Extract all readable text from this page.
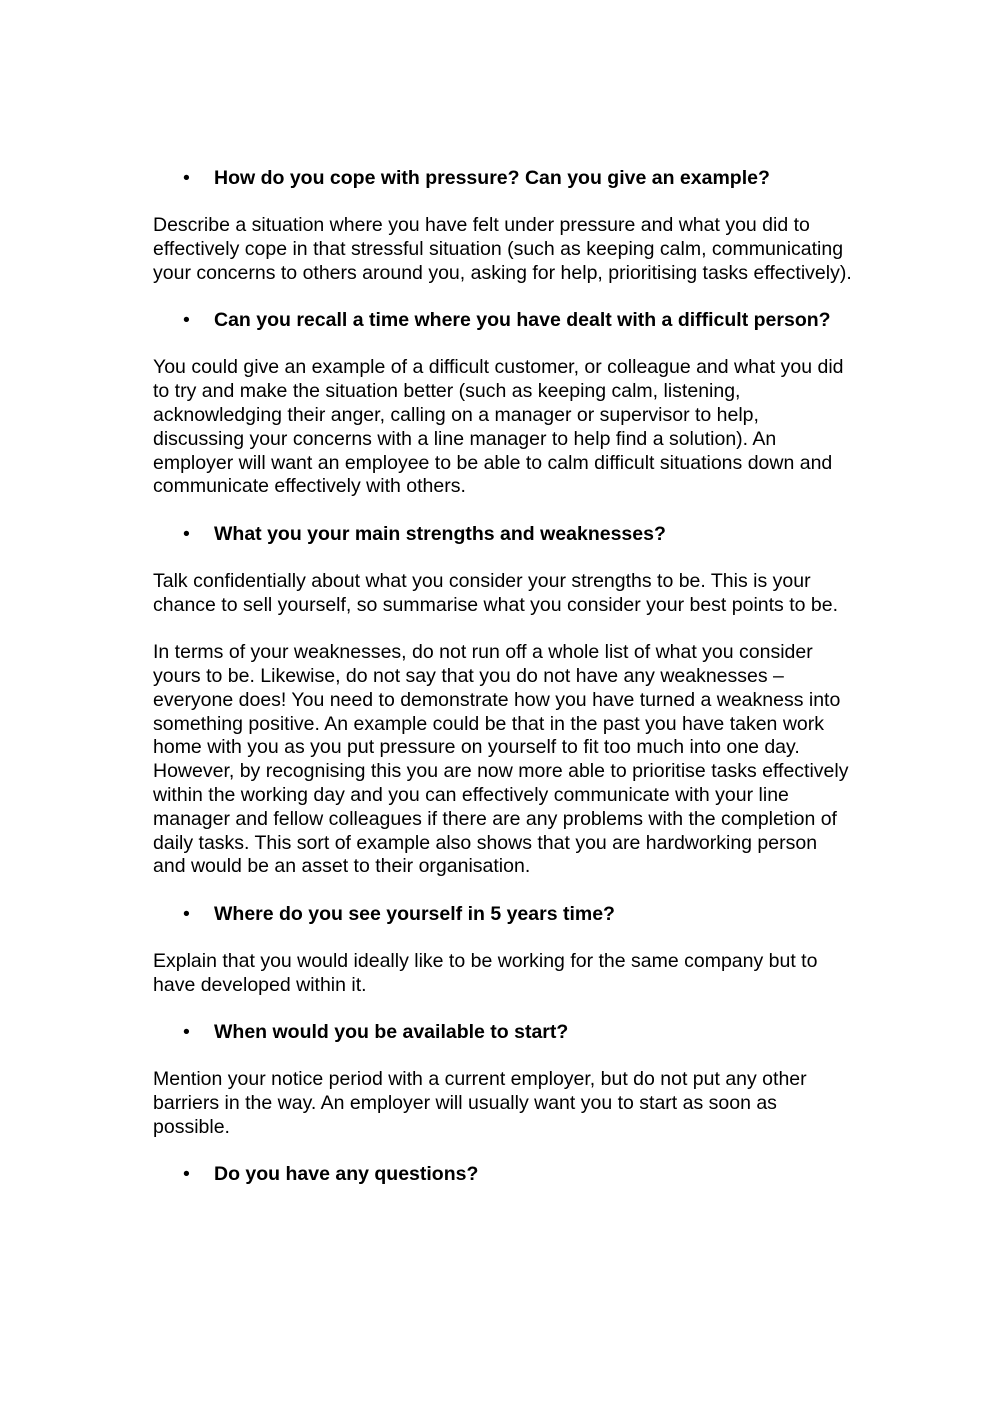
• How do you cope with pressure? Can you give an example?

Describe a situation where you have felt under pressure and what you did to effectively cope in that stressful situation (such as keeping calm, communicating your concerns to others around you, asking for help, prioritising tasks effectively).

• Can you recall a time where you have dealt with a difficult person?

You could give an example of a difficult customer, or colleague and what you did to try and make the situation better (such as keeping calm, listening, acknowledging their anger, calling on a manager or supervisor to help, discussing your concerns with a line manager to help find a solution). An employer will want an employee to be able to calm difficult situations down and communicate effectively with others.

• What you your main strengths and weaknesses?

Talk confidentially about what you consider your strengths to be. This is your chance to sell yourself, so summarise what you consider your best points to be.

In terms of your weaknesses, do not run off a whole list of what you consider yours to be. Likewise, do not say that you do not have any weaknesses – everyone does! You need to demonstrate how you have turned a weakness into something positive. An example could be that in the past you have taken work home with you as you put pressure on yourself to fit too much into one day. However, by recognising this you are now more able to prioritise tasks effectively within the working day and you can effectively communicate with your line manager and fellow colleagues if there are any problems with the completion of daily tasks. This sort of example also shows that you are hardworking person and would be an asset to their organisation.

• Where do you see yourself in 5 years time?

Explain that you would ideally like to be working for the same company but to have developed within it.

• When would you be available to start?

Mention your notice period with a current employer, but do not put any other barriers in the way. An employer will usually want you to start as soon as possible.

• Do you have any questions?
